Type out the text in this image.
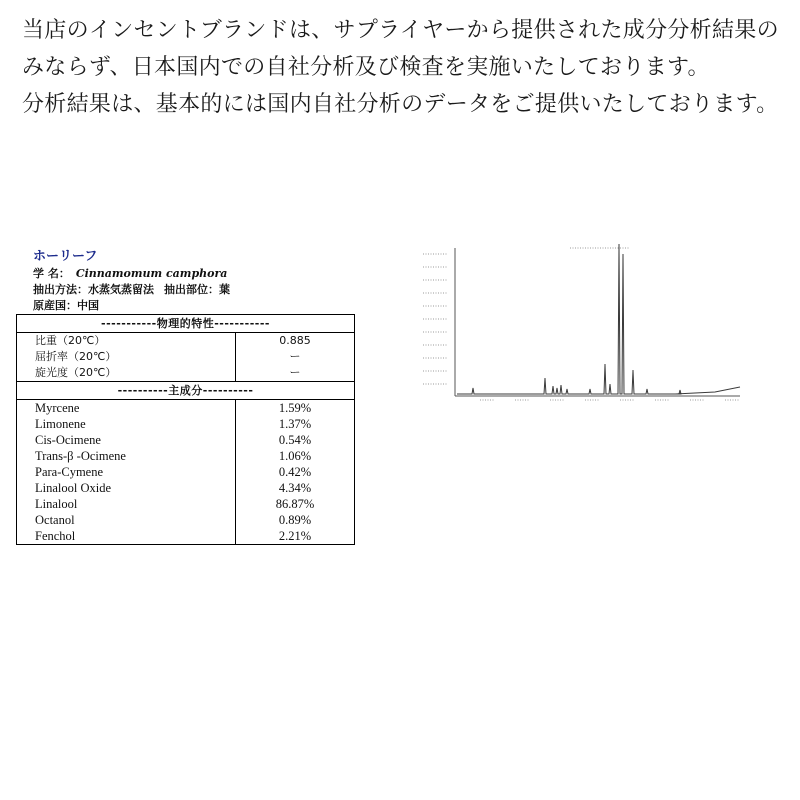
当店のインセントブランドは、サプライヤーから提供された成分分析結果のみならず、日本国内での自社分析及び検査を実施いたしております。

分析結果は、基本的には国内自社分析のデータをご提供いたしております。

ホーリーフ
学 名： Cinnamomum camphora
抽出方法：水蒸気蒸留法 抽出部位：葉
原産国：中国
-----------物理的特性-----------	
比重（20℃）	0.885
屈折率（20℃）	ー
旋光度（20℃）	ー
----------主成分----------	
Myrcene	1.59%
Limonene	1.37%
Cis-Ocimene	0.54%
Trans-β -Ocimene	1.06%
Para-Cymene	0.42%
Linalool Oxide	4.34%
Linalool	86.87%
Octanol	0.89%
Fenchol	2.21%
